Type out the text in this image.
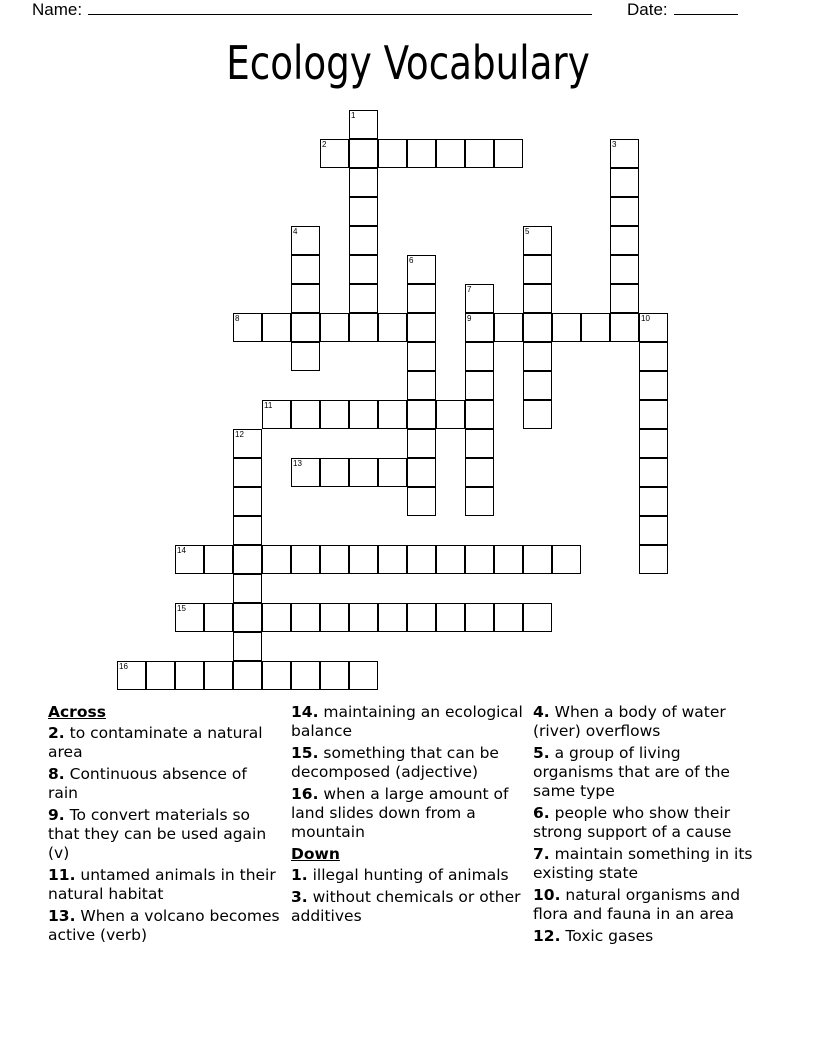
Name:	Date:
Ecology Vocabulary
1
2	3
4	5
6
7
9
8	10
11
12
13
14
15
16
Across
2. to contaminate a natural area
8. Continuous absence of rain
9. To convert materials so that they can be used again (v)
11. untamed animals in their natural habitat
13. When a volcano becomes active (verb)
14. maintaining an ecological balance
15. something that can be decomposed (adjective)
16. when a large amount of land slides down from a mountain
Down
1. illegal hunting of animals
3. without chemicals or other additives
4. When a body of water (river) overflows
5. a group of living organisms that are of the same type
6. people who show their strong support of a cause
7. maintain something in its existing state
10. natural organisms and flora and fauna in an area
12. Toxic gases
